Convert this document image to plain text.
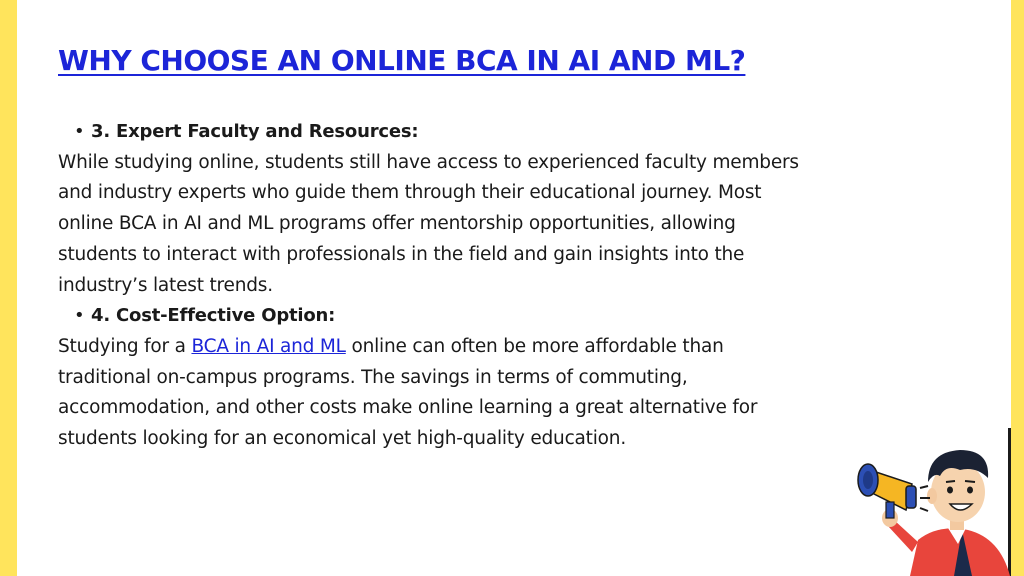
WHY CHOOSE AN ONLINE BCA IN AI AND ML?
• 3. Expert Faculty and Resources:
While studying online, students still have access to experienced faculty members
and industry experts who guide them through their educational journey. Most
online BCA in AI and ML programs offer mentorship opportunities, allowing
students to interact with professionals in the field and gain insights into the
industry’s latest trends.
• 4. Cost-Effective Option:
Studying for a BCA in AI and ML online can often be more affordable than
traditional on-campus programs. The savings in terms of commuting,
accommodation, and other costs make online learning a great alternative for
students looking for an economical yet high-quality education.
